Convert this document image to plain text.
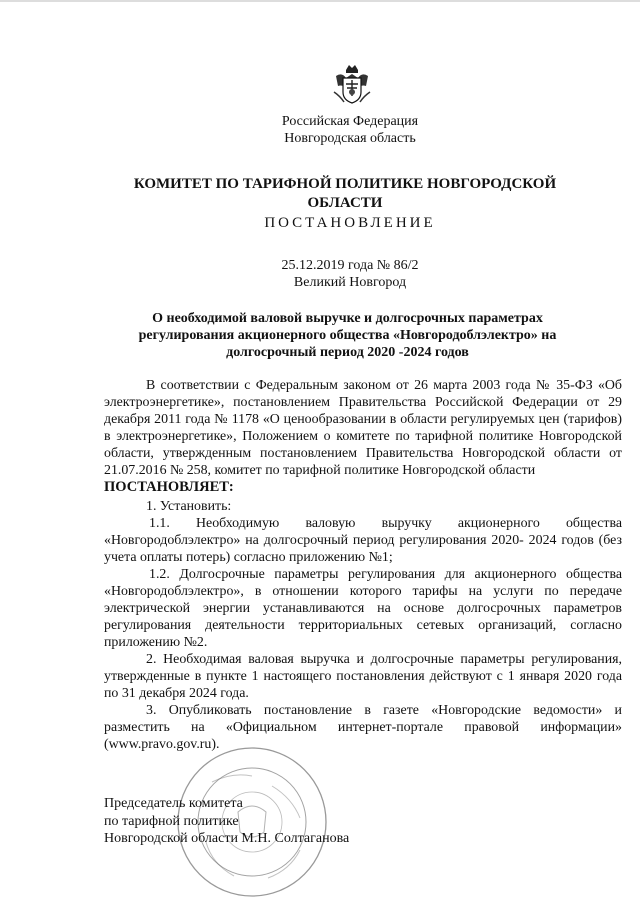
Российская Федерация
Новгородская область
КОМИТЕТ ПО ТАРИФНОЙ ПОЛИТИКЕ НОВГОРОДСКОЙ
ОБЛАСТИ
ПОСТАНОВЛЕНИЕ
25.12.2019 года № 86/2
Великий Новгород
О необходимой валовой выручке и долгосрочных параметрах
регулирования акционерного общества «Новгородоблэлектро» на
долгосрочный период 2020 -2024 годов

В соответствии с Федеральным законом от 26 марта 2003 года № 35-ФЗ «Об электроэнергетике», постановлением Правительства Российской Федерации от 29 декабря 2011 года № 1178 «О ценообразовании в области регулируемых цен (тарифов) в электроэнергетике», Положением о комитете по тарифной политике Новгородской области, утвержденным постановлением Правительства Новгородской области от 21.07.2016 № 258, комитет по тарифной политике Новгородской области

ПОСТАНОВЛЯЕТ:

1. Установить:

1.1. Необходимую валовую выручку акционерного общества «Новгородоблэлектро» на долгосрочный период регулирования 2020- 2024 годов (без учета оплаты потерь) согласно приложению №1;

1.2. Долгосрочные параметры регулирования для акционерного общества «Новгородоблэлектро», в отношении которого тарифы на услуги по передаче электрической энергии устанавливаются на основе долгосрочных параметров регулирования деятельности территориальных сетевых организаций, согласно приложению №2.

2. Необходимая валовая выручка и долгосрочные параметры регулирования, утвержденные в пункте 1 настоящего постановления действуют с 1 января 2020 года по 31 декабря 2024 года.

3. Опубликовать постановление в газете «Новгородские ведомости» и разместить на «Официальном интернет-портале правовой информации» (www.pravo.gov.ru).

Председатель комитета
по тарифной политике
Новгородской области М.Н. Солтаганова
